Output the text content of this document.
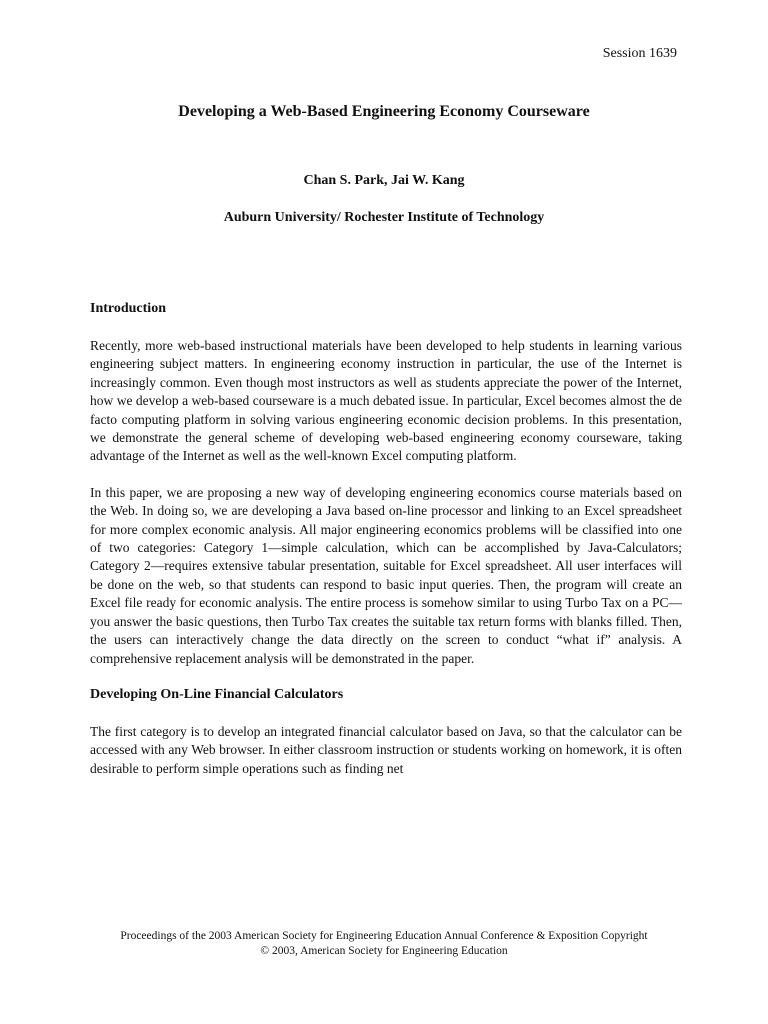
Session 1639
Developing a Web-Based Engineering Economy Courseware
Chan S. Park, Jai W. Kang
Auburn University/ Rochester Institute of Technology
Introduction

Recently, more web-based instructional materials have been developed to help students in learning various engineering subject matters. In engineering economy instruction in particular, the use of the Internet is increasingly common. Even though most instructors as well as students appreciate the power of the Internet, how we develop a web-based courseware is a much debated issue. In particular, Excel becomes almost the de facto computing platform in solving various engineering economic decision problems. In this presentation, we demonstrate the general scheme of developing web-based engineering economy courseware, taking advantage of the Internet as well as the well-known Excel computing platform.

In this paper, we are proposing a new way of developing engineering economics course materials based on the Web. In doing so, we are developing a Java based on-line processor and linking to an Excel spreadsheet for more complex economic analysis. All major engineering economics problems will be classified into one of two categories: Category 1—simple calculation, which can be accomplished by Java-Calculators; Category 2—requires extensive tabular presentation, suitable for Excel spreadsheet. All user interfaces will be done on the web, so that students can respond to basic input queries. Then, the program will create an Excel file ready for economic analysis. The entire process is somehow similar to using Turbo Tax on a PC—you answer the basic questions, then Turbo Tax creates the suitable tax return forms with blanks filled. Then, the users can interactively change the data directly on the screen to conduct “what if” analysis. A comprehensive replacement analysis will be demonstrated in the paper.

Developing On-Line Financial Calculators

The first category is to develop an integrated financial calculator based on Java, so that the calculator can be accessed with any Web browser. In either classroom instruction or students working on homework, it is often desirable to perform simple operations such as finding net

Proceedings of the 2003 American Society for Engineering Education Annual Conference & Exposition Copyright
© 2003, American Society for Engineering Education
